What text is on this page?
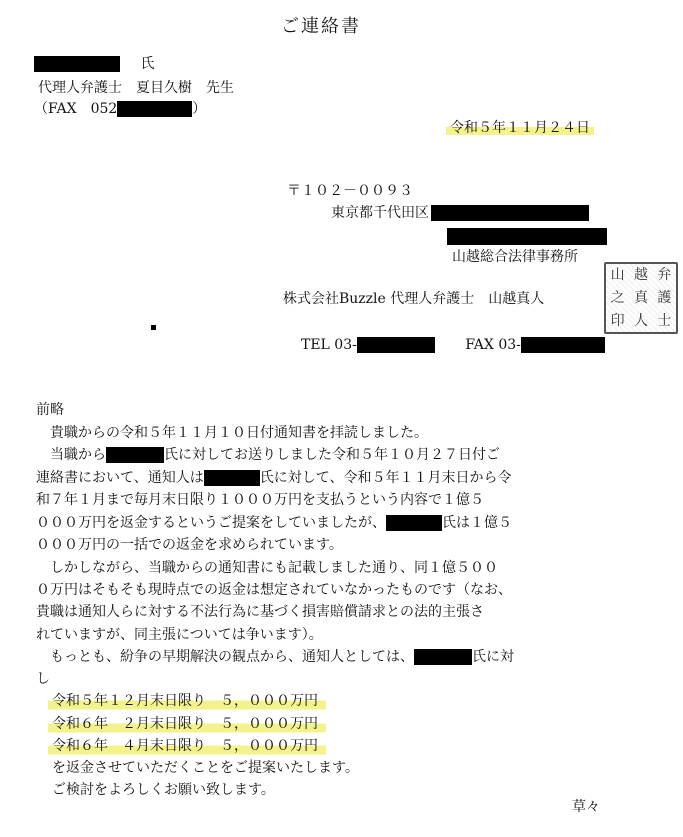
ご連絡書
氏
代理人弁護士　夏目久樹　先生
（FAX　052	）
令和５年１１月２４日
〒１０２－００９３
東京都千代田区
山越総合法律事務所
株式会社Buzzle 代理人弁護士　山越真人
山 越 弁
之 真 護
印 人 士
TEL 03-	FAX 03-
前略
貴職からの令和５年１１月１０日付通知書を拝読しました。
当職から	氏に対してお送りしました令和５年１０月２７日付ご
連絡書において、通知人は	氏に対して、令和５年１１月末日から令
和７年１月まで毎月末日限り１０００万円を支払うという内容で１億５
０００万円を返金するというご提案をしていましたが、	氏は１億５
０００万円の一括での返金を求められています。
しかしながら、当職からの通知書にも記載しました通り、同１億５００
０万円はそもそも現時点での返金は想定されていなかったものです（なお、
貴職は通知人らに対する不法行為に基づく損害賠償請求との法的主張さ
れていますが、同主張については争います）。
もっとも、紛争の早期解決の観点から、通知人としては、	氏に対
し
令和５年１２月末日限り　５，０００万円
令和６年　２月末日限り　５，０００万円
令和６年　４月末日限り　５，０００万円
を返金させていただくことをご提案いたします。
ご検討をよろしくお願い致します。
草々
